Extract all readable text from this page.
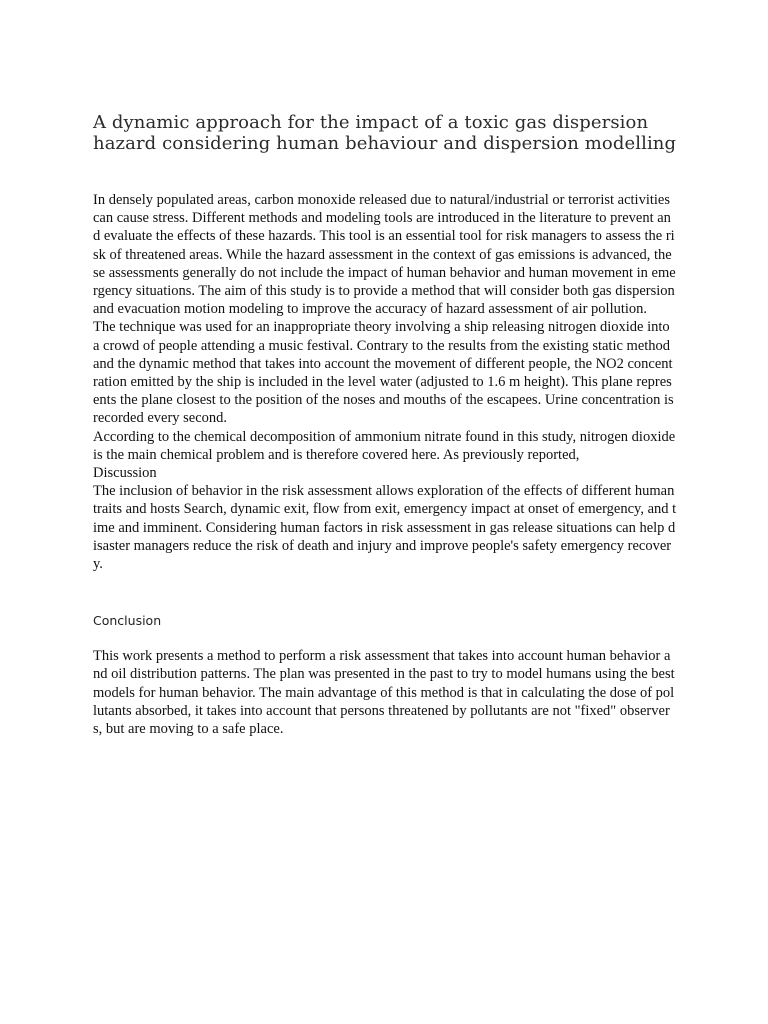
A dynamic approach for the impact of a toxic gas dispersion hazard considering human behaviour and dispersion modelling

In densely populated areas, carbon monoxide released due to natural/industrial or terrorist activities can cause stress. Different methods and modeling tools are introduced in the literature to prevent and evaluate the effects of these hazards. This tool is an essential tool for risk managers to assess the risk of threatened areas. While the hazard assessment in the context of gas emissions is advanced, these assessments generally do not include the impact of human behavior and human movement in emergency situations. The aim of this study is to provide a method that will consider both gas dispersion and evacuation motion modeling to improve the accuracy of hazard assessment of air pollution.

The technique was used for an inappropriate theory involving a ship releasing nitrogen dioxide into a crowd of people attending a music festival. Contrary to the results from the existing static method and the dynamic method that takes into account the movement of different people, the NO2 concentration emitted by the ship is included in the level water (adjusted to 1.6 m height). This plane represents the plane closest to the position of the noses and mouths of the escapees. Urine concentration is recorded every second.

According to the chemical decomposition of ammonium nitrate found in this study, nitrogen dioxide is the main chemical problem and is therefore covered here. As previously reported,

Discussion

The inclusion of behavior in the risk assessment allows exploration of the effects of different human traits and hosts Search, dynamic exit, flow from exit, emergency impact at onset of emergency, and time and imminent. Considering human factors in risk assessment in gas release situations can help disaster managers reduce the risk of death and injury and improve people's safety emergency recovery.

Conclusion

This work presents a method to perform a risk assessment that takes into account human behavior and oil distribution patterns. The plan was presented in the past to try to model humans using the best models for human behavior. The main advantage of this method is that in calculating the dose of pollutants absorbed, it takes into account that persons threatened by pollutants are not "fixed" observers, but are moving to a safe place.
